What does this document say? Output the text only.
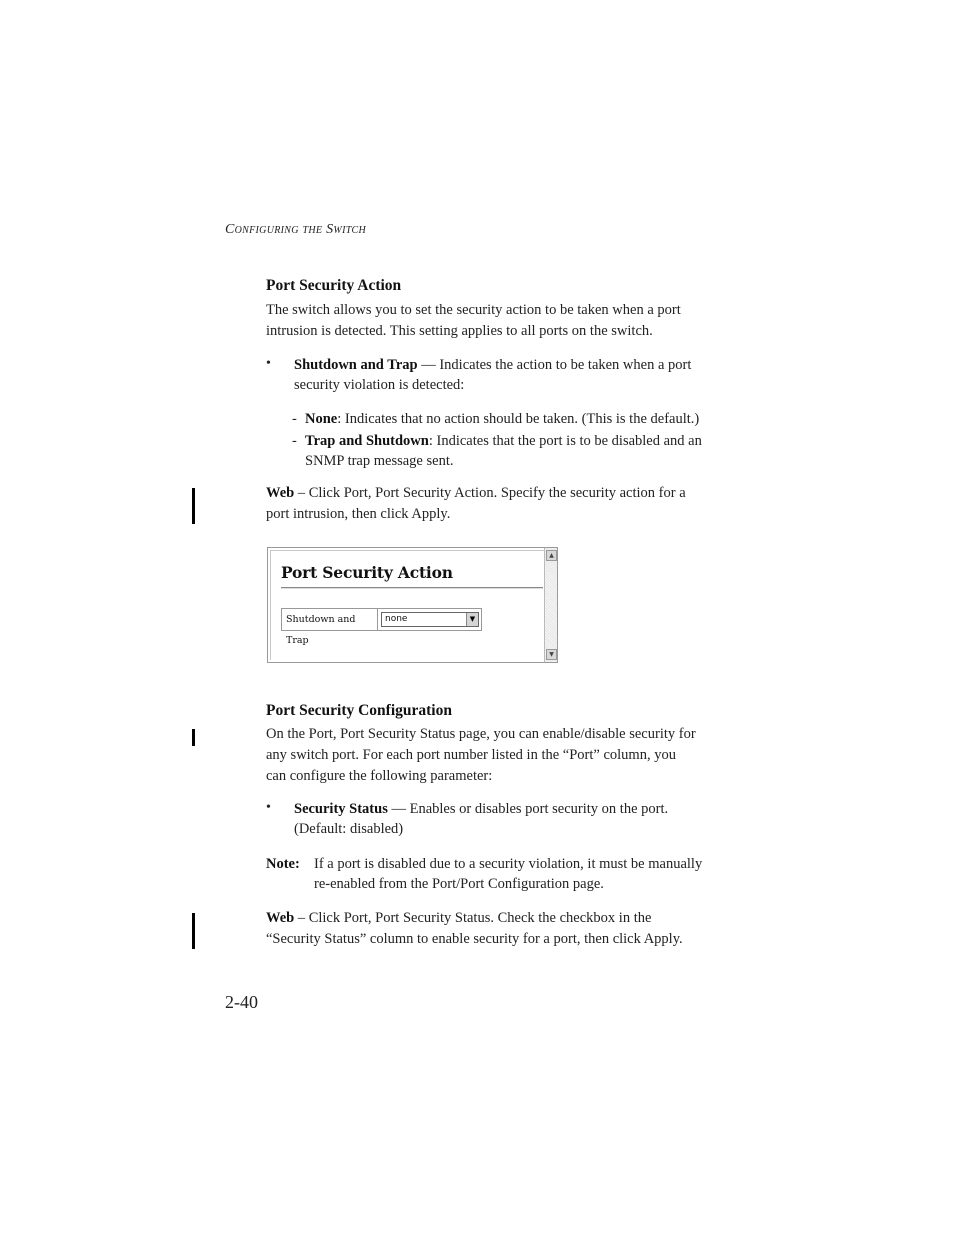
Configuring the Switch
Port Security Action
The switch allows you to set the security action to be taken when a port
intrusion is detected. This setting applies to all ports on the switch.
• Shutdown and Trap — Indicates the action to be taken when a port
security violation is detected:
- None: Indicates that no action should be taken. (This is the default.)
- Trap and Shutdown: Indicates that the port is to be disabled and an
SNMP trap message sent.
Web – Click Port, Port Security Action. Specify the security action for a
port intrusion, then click Apply.
Port Security Action
Shutdown and Trap
none	▼
▲
▼
Port Security Configuration
On the Port, Port Security Status page, you can enable/disable security for
any switch port. For each port number listed in the “Port” column, you
can configure the following parameter:
• Security Status — Enables or disables port security on the port.
(Default: disabled)
Note: If a port is disabled due to a security violation, it must be manually
re-enabled from the Port/Port Configuration page.
Web – Click Port, Port Security Status. Check the checkbox in the
“Security Status” column to enable security for a port, then click Apply.
2-40
